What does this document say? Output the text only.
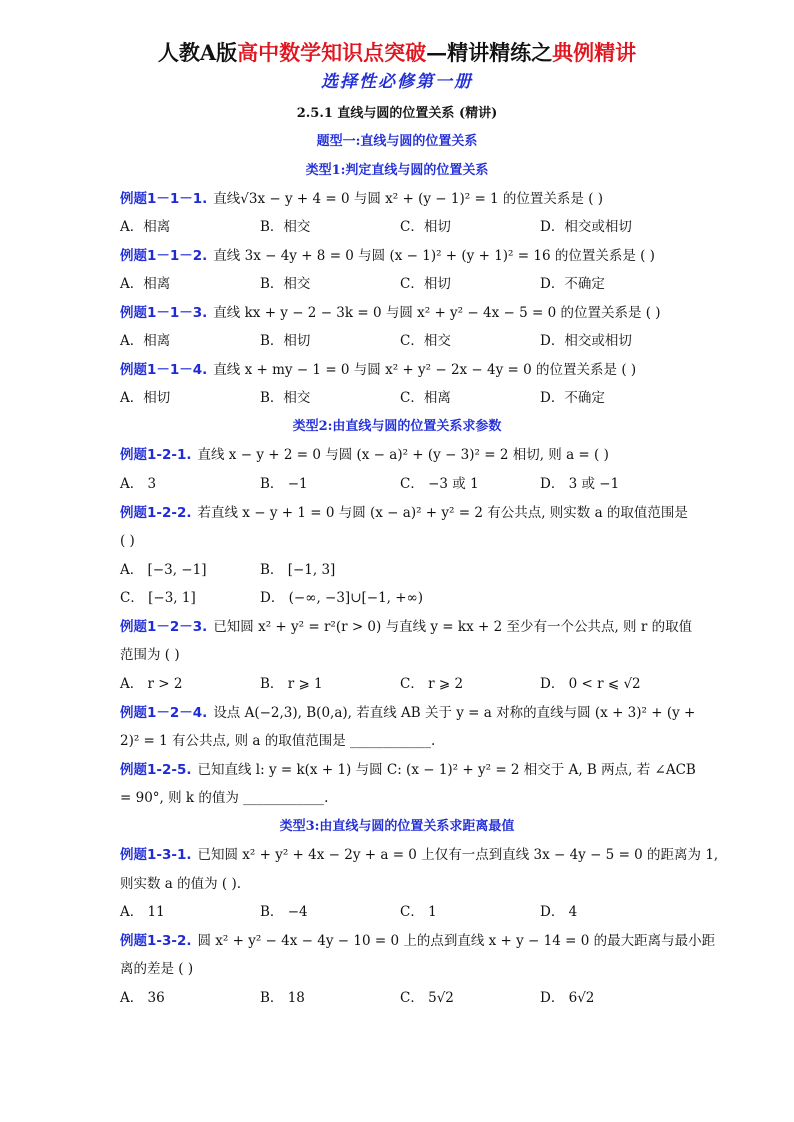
人教A版高中数学知识点突破—精讲精练之典例精讲
选择性必修第一册
2.5.1 直线与圆的位置关系 (精讲)
题型一:直线与圆的位置关系
类型1:判定直线与圆的位置关系
例题1－1－1. 直线√3x − y + 4 = 0 与圆 x² + (y − 1)² = 1 的位置关系是 ( )
A．相离	B．相交	C．相切	D．相交或相切
例题1－1－2. 直线 3x − 4y + 8 = 0 与圆 (x − 1)² + (y + 1)² = 16 的位置关系是 ( )
A．相离	B．相交	C．相切	D．不确定
例题1－1－3. 直线 kx + y − 2 − 3k = 0 与圆 x² + y² − 4x − 5 = 0 的位置关系是 ( )
A．相离	B．相切	C．相交	D．相交或相切
例题1－1－4. 直线 x + my − 1 = 0 与圆 x² + y² − 2x − 4y = 0 的位置关系是 ( )
A．相切	B．相交	C．相离	D．不确定
类型2:由直线与圆的位置关系求参数
例题1-2-1. 直线 x − y + 2 = 0 与圆 (x − a)² + (y − 3)² = 2 相切, 则 a = ( )
A． 3	B． −1	C． −3 或 1	D． 3 或 −1
例题1-2-2. 若直线 x − y + 1 = 0 与圆 (x − a)² + y² = 2 有公共点, 则实数 a 的取值范围是
( )
A． [−3, −1]	B． [−1, 3]
C． [−3, 1]	D． (−∞, −3]∪[−1, +∞)
例题1－2－3. 已知圆 x² + y² = r²(r > 0) 与直线 y = kx + 2 至少有一个公共点, 则 r 的取值
范围为 ( )
A． r > 2	B． r ⩾ 1	C． r ⩾ 2	D． 0 < r ⩽ √2
例题1－2－4. 设点 A(−2,3), B(0,a), 若直线 AB 关于 y = a 对称的直线与圆 (x + 3)² + (y +
2)² = 1 有公共点, 则 a 的取值范围是 ____________.
例题1-2-5. 已知直线 l: y = k(x + 1) 与圆 C: (x − 1)² + y² = 2 相交于 A, B 两点, 若 ∠ACB
= 90°, 则 k 的值为 ____________.
类型3:由直线与圆的位置关系求距离最值
例题1-3-1. 已知圆 x² + y² + 4x − 2y + a = 0 上仅有一点到直线 3x − 4y − 5 = 0 的距离为 1,
则实数 a 的值为 ( ).
A． 11	B． −4	C． 1	D． 4
例题1-3-2. 圆 x² + y² − 4x − 4y − 10 = 0 上的点到直线 x + y − 14 = 0 的最大距离与最小距
离的差是 ( )
A． 36	B． 18	C． 5√2	D． 6√2
